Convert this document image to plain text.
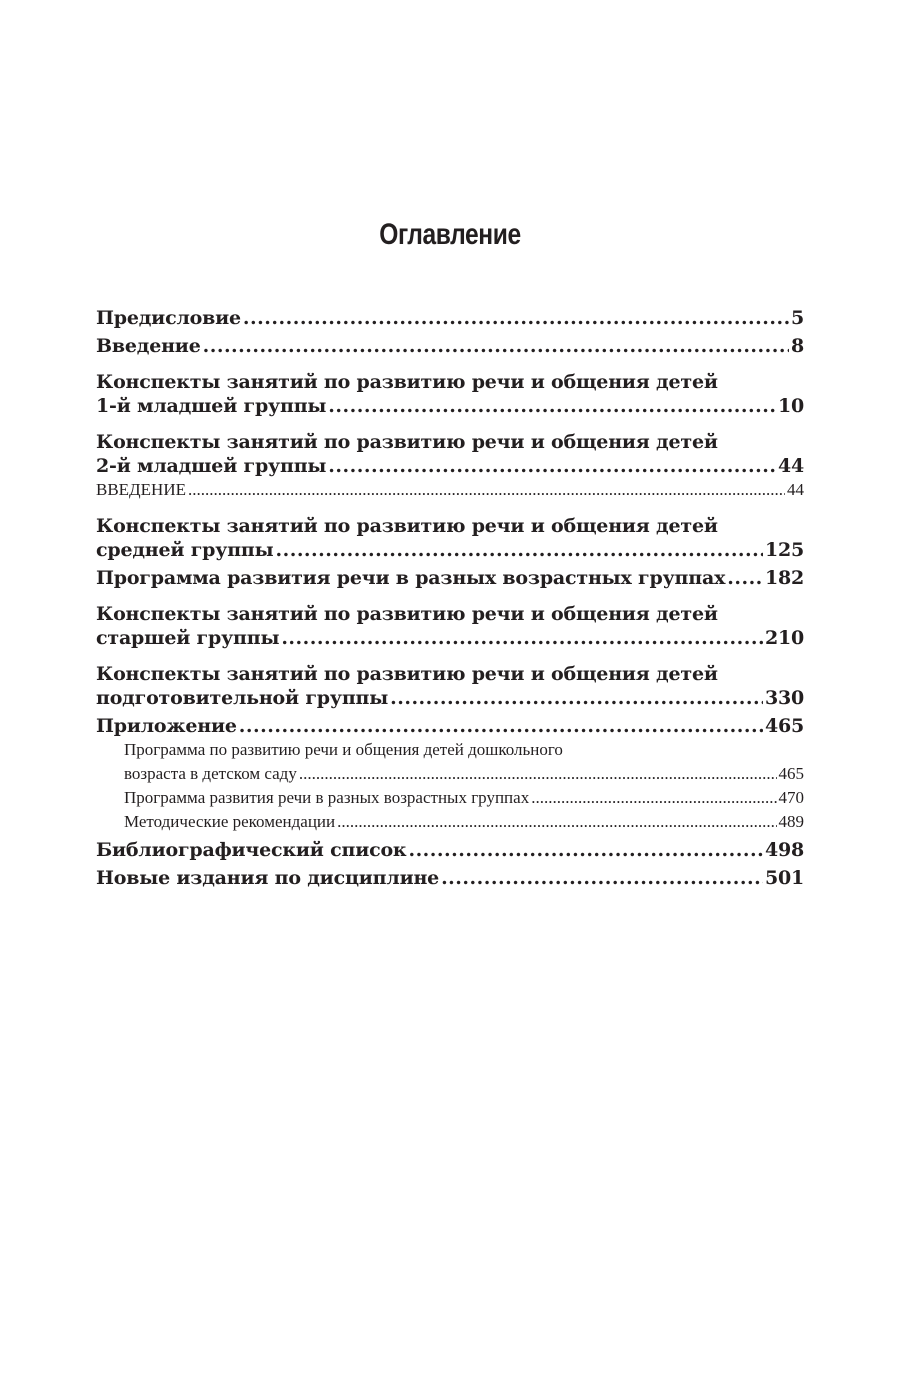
Оглавление
Предисловие .....	5
Введение .....	8
Конспекты занятий по развитию речи и общения детей
1-й младшей группы .....	10
Конспекты занятий по развитию речи и общения детей
2-й младшей группы .....	44
ВВЕДЕНИЕ .....	44
Конспекты занятий по развитию речи и общения детей
средней группы .....	125
Программа развития речи в разных возрастных группах ..... 182
Конспекты занятий по развитию речи и общения детей
старшей группы .....	210
Конспекты занятий по развитию речи и общения детей
подготовительной группы .....	330
Приложение .....	465
Программа по развитию речи и общения детей дошкольного
возраста в детском саду .....	465
Программа развития речи в разных возрастных группах .....	470
Методические рекомендации .....	489
Библиографический список .....	498
Новые издания по дисциплине .....	501
